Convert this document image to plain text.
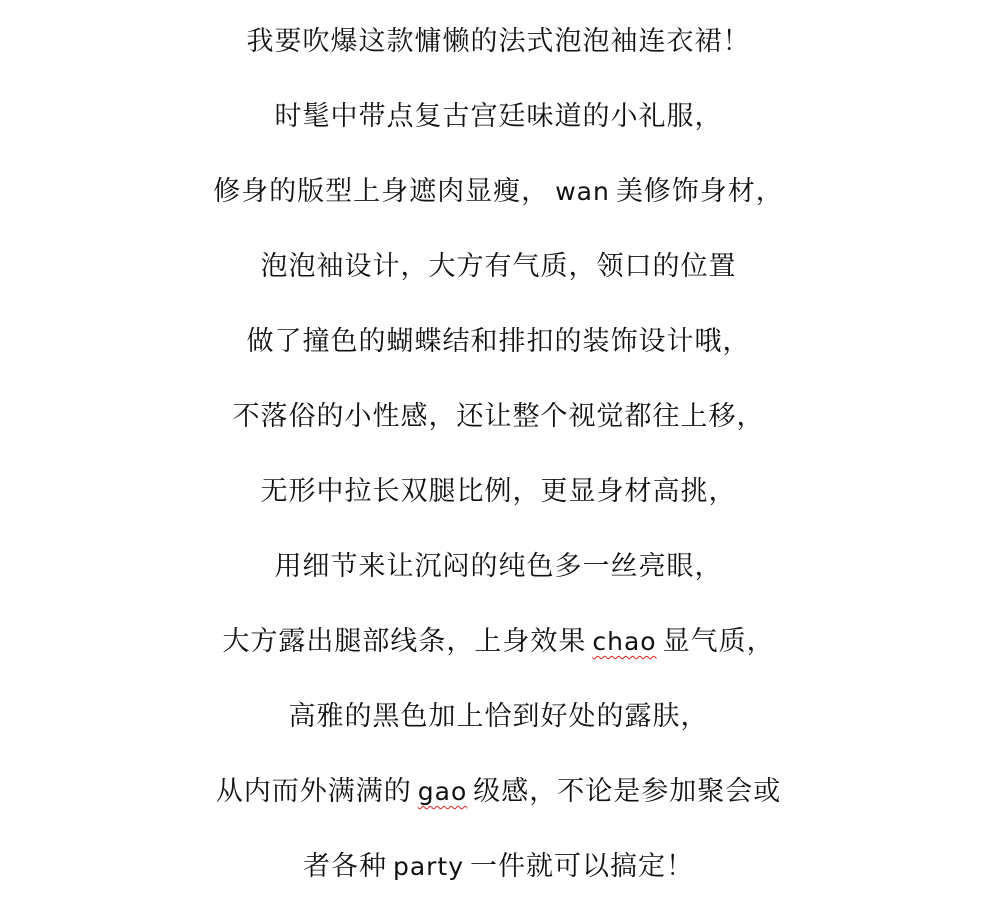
我要吹爆这款慵懒的法式泡泡袖连衣裙！
时髦中带点复古宫廷味道的小礼服，
修身的版型上身遮肉显瘦， wan 美修饰身材，
泡泡袖设计，大方有气质，领口的位置
做了撞色的蝴蝶结和排扣的装饰设计哦，
不落俗的小性感，还让整个视觉都往上移，
无形中拉长双腿比例，更显身材高挑，
用细节来让沉闷的纯色多一丝亮眼，
大方露出腿部线条，上身效果 chao 显气质，
高雅的黑色加上恰到好处的露肤，
从内而外满满的 gao 级感，不论是参加聚会或
者各种 party 一件就可以搞定！
